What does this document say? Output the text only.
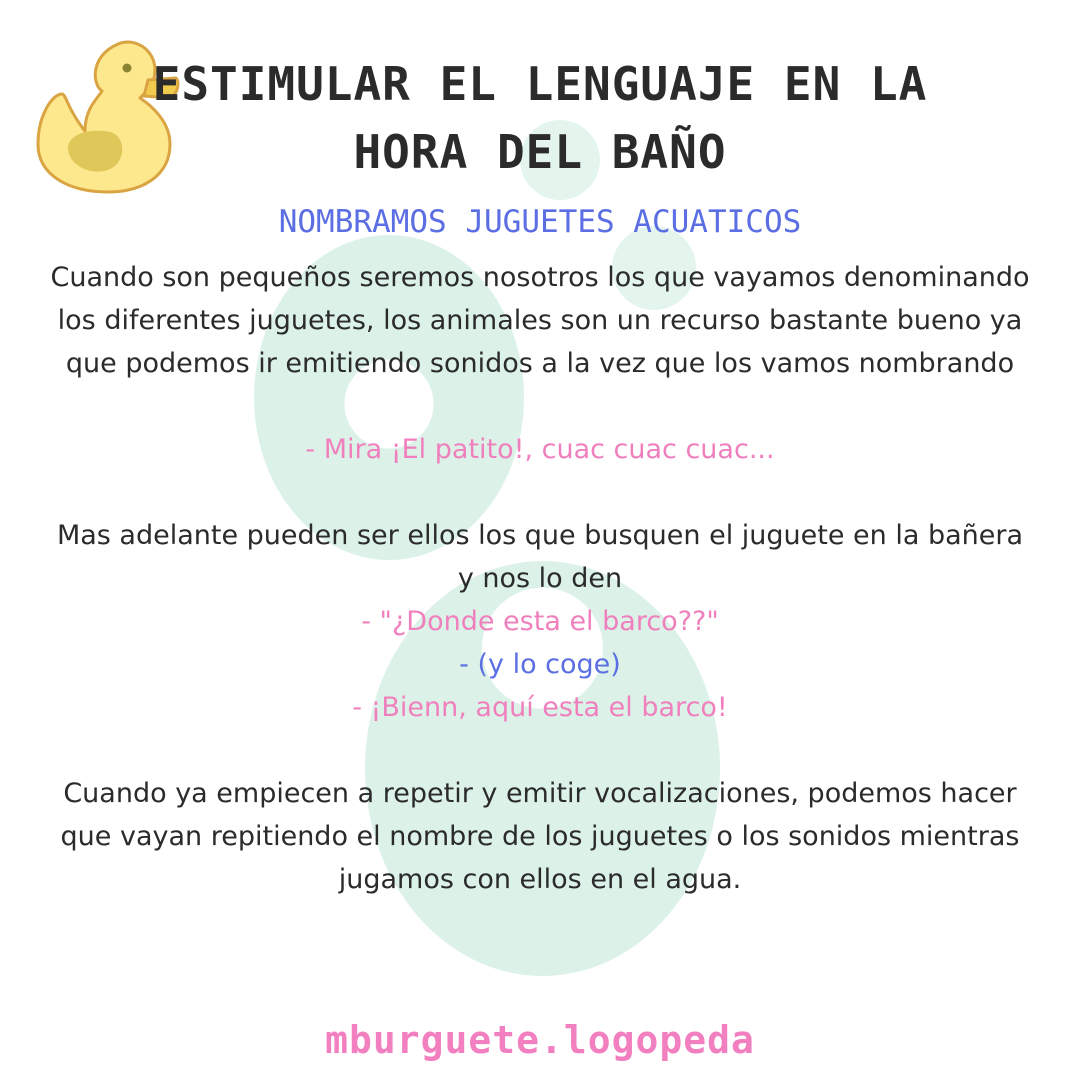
ESTIMULAR EL LENGUAJE EN LA
HORA DEL BAÑO
NOMBRAMOS JUGUETES ACUATICOS

Cuando son pequeños seremos nosotros los que vayamos denominando los diferentes juguetes, los animales son un recurso bastante bueno ya que podemos ir emitiendo sonidos a la vez que los vamos nombrando

- Mira ¡El patito!, cuac cuac cuac...

Mas adelante pueden ser ellos los que busquen el juguete en la bañera y nos lo den

- "¿Donde esta el barco??"

- (y lo coge)

- ¡Bienn, aquí esta el barco!

Cuando ya empiecen a repetir y emitir vocalizaciones, podemos hacer que vayan repitiendo el nombre de los juguetes o los sonidos mientras jugamos con ellos en el agua.

mburguete.logopeda
